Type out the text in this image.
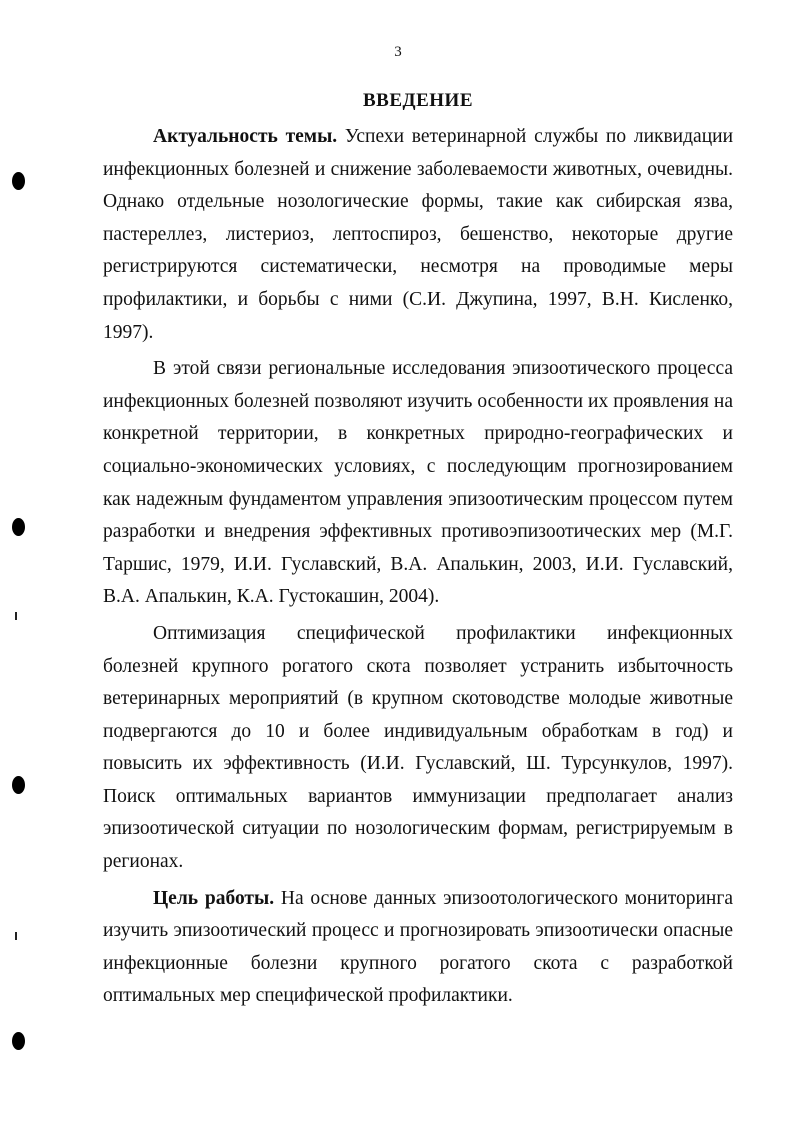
3
ВВЕДЕНИЕ

Актуальность темы. Успехи ветеринарной службы по ликвидации инфекционных болезней и снижение заболеваемости животных, очевидны. Однако отдельные нозологические формы, такие как сибирская язва, пастереллез, листериоз, лептоспироз, бешенство, некоторые другие регистрируются систематически, несмотря на проводимые меры профилактики, и борьбы с ними (С.И. Джупина, 1997, В.Н. Кисленко, 1997).

В этой связи региональные исследования эпизоотического процесса инфекционных болезней позволяют изучить особенности их проявления на конкретной территории, в конкретных природно-географических и социально-экономических условиях, с последующим прогнозированием как надежным фундаментом управления эпизоотическим процессом путем разработки и внедрения эффективных противоэпизоотических мер (М.Г. Таршис, 1979, И.И. Гуславский, В.А. Апалькин, 2003, И.И. Гуславский, В.А. Апалькин, К.А. Густокашин, 2004).

Оптимизация специфической профилактики инфекционных болезней крупного рогатого скота позволяет устранить избыточность ветеринарных мероприятий (в крупном скотоводстве молодые животные подвергаются до 10 и более индивидуальным обработкам в год) и повысить их эффективность (И.И. Гуславский, Ш. Турсункулов, 1997). Поиск оптимальных вариантов иммунизации предполагает анализ эпизоотической ситуации по нозологическим формам, регистрируемым в регионах.

Цель работы. На основе данных эпизоотологического мониторинга изучить эпизоотический процесс и прогнозировать эпизоотически опасные инфекционные болезни крупного рогатого скота с разработкой оптимальных мер специфической профилактики.
